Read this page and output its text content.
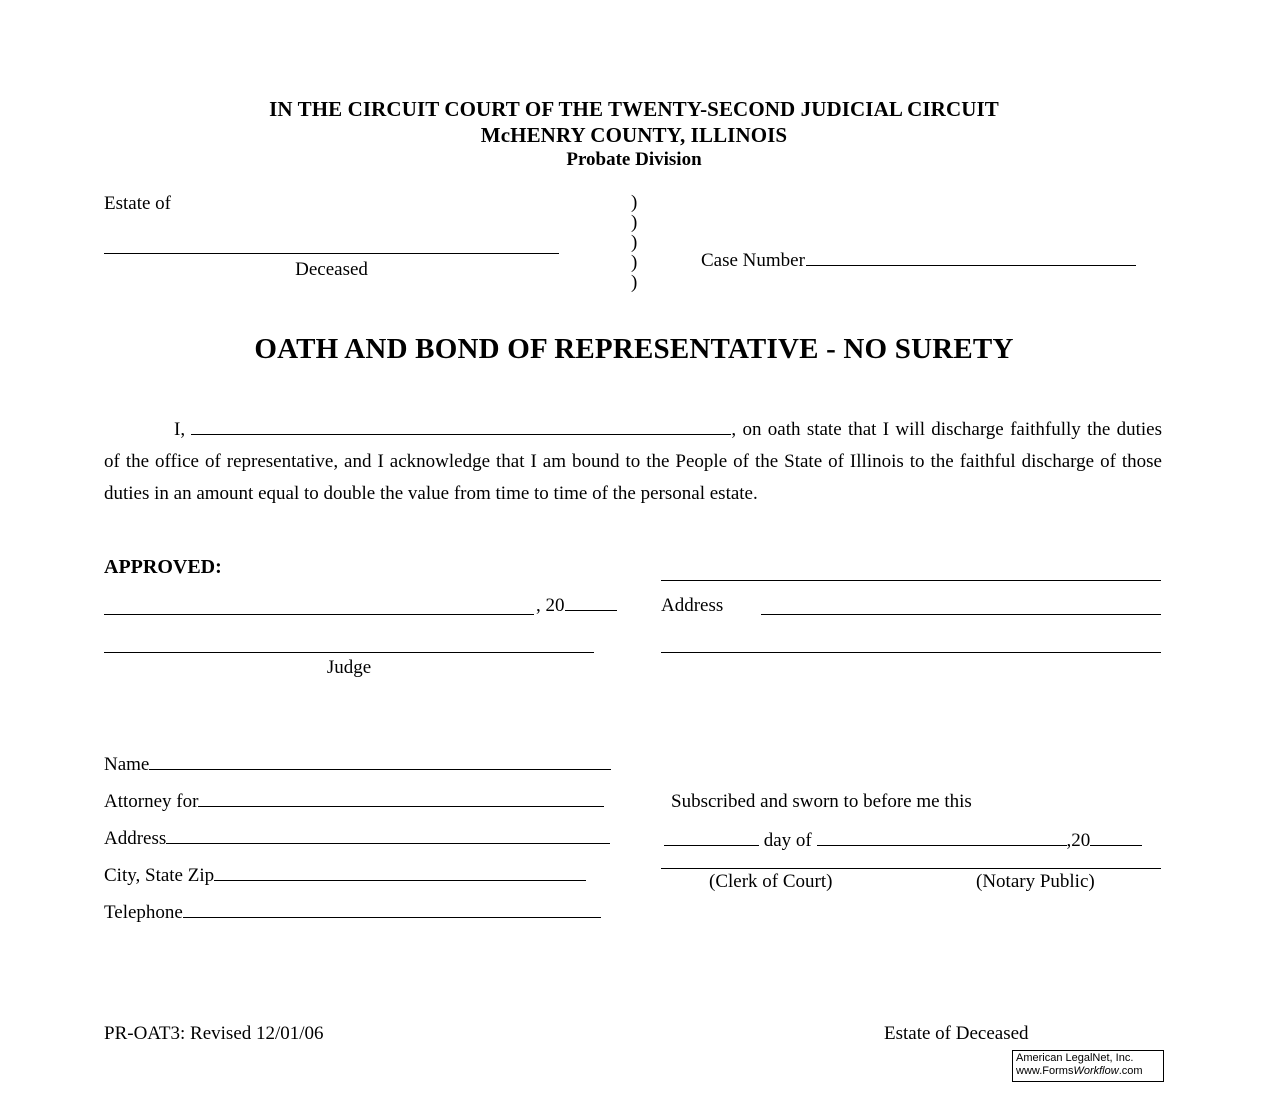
IN THE CIRCUIT COURT OF THE TWENTY-SECOND JUDICIAL CIRCUIT
McHENRY COUNTY, ILLINOIS
Probate Division
Estate of	)
)
)
)
)
Deceased	Case Number
OATH AND BOND OF REPRESENTATIVE - NO SURETY
I,	, on oath state that I will discharge faithfully the duties of the office of representative, and I acknowledge that I am bound to the People of the State of Illinois to the faithful discharge of those duties in an amount equal to double the value from time to time of the personal estate.
APPROVED:
, 20
Judge
Address
Name
Attorney for
Address
City, State Zip
Telephone
Subscribed and sworn to before me this
day of	,20
(Clerk of Court)	(Notary Public)
PR-OAT3: Revised 12/01/06	Estate of Deceased
American LegalNet, Inc.
www.FormsWorkflow.com
